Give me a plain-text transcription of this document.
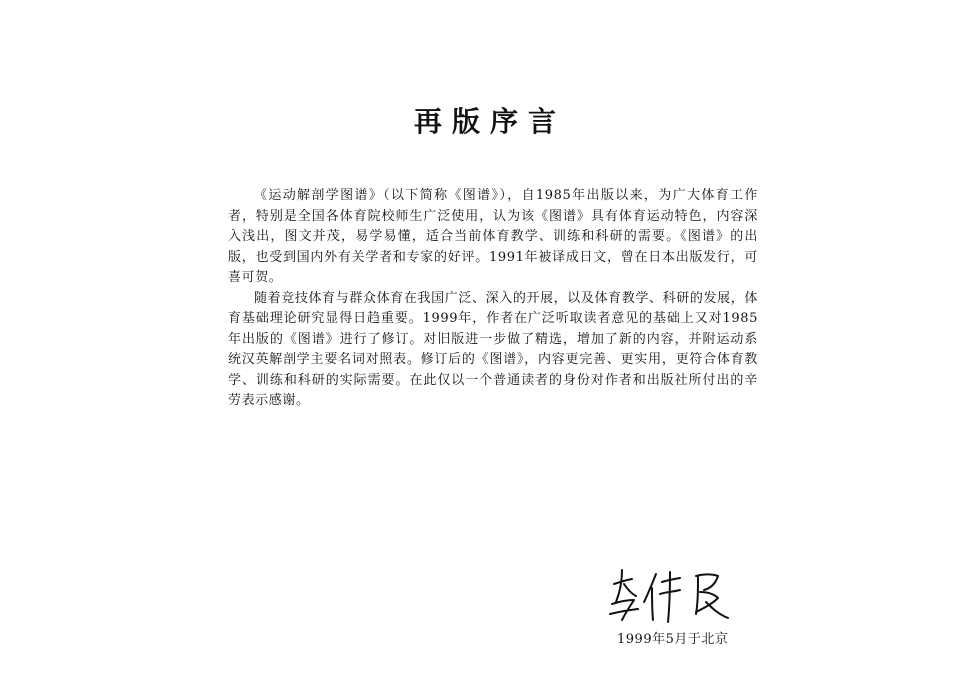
再版序言

《运动解剖学图谱》（以下简称《图谱》），自1985年出版以来，为广大体育工作者，特别是全国各体育院校师生广泛使用，认为该《图谱》具有体育运动特色，内容深入浅出，图文并茂，易学易懂，适合当前体育教学、训练和科研的需要。《图谱》的出版，也受到国内外有关学者和专家的好评。1991年被译成日文，曾在日本出版发行，可喜可贺。

随着竞技体育与群众体育在我国广泛、深入的开展，以及体育教学、科研的发展，体育基础理论研究显得日趋重要。1999年，作者在广泛听取读者意见的基础上又对1985年出版的《图谱》进行了修订。对旧版进一步做了精选，增加了新的内容，并附运动系统汉英解剖学主要名词对照表。修订后的《图谱》，内容更完善、更实用，更符合体育教学、训练和科研的实际需要。在此仅以一个普通读者的身份对作者和出版社所付出的辛劳表示感谢。

1999年5月于北京
